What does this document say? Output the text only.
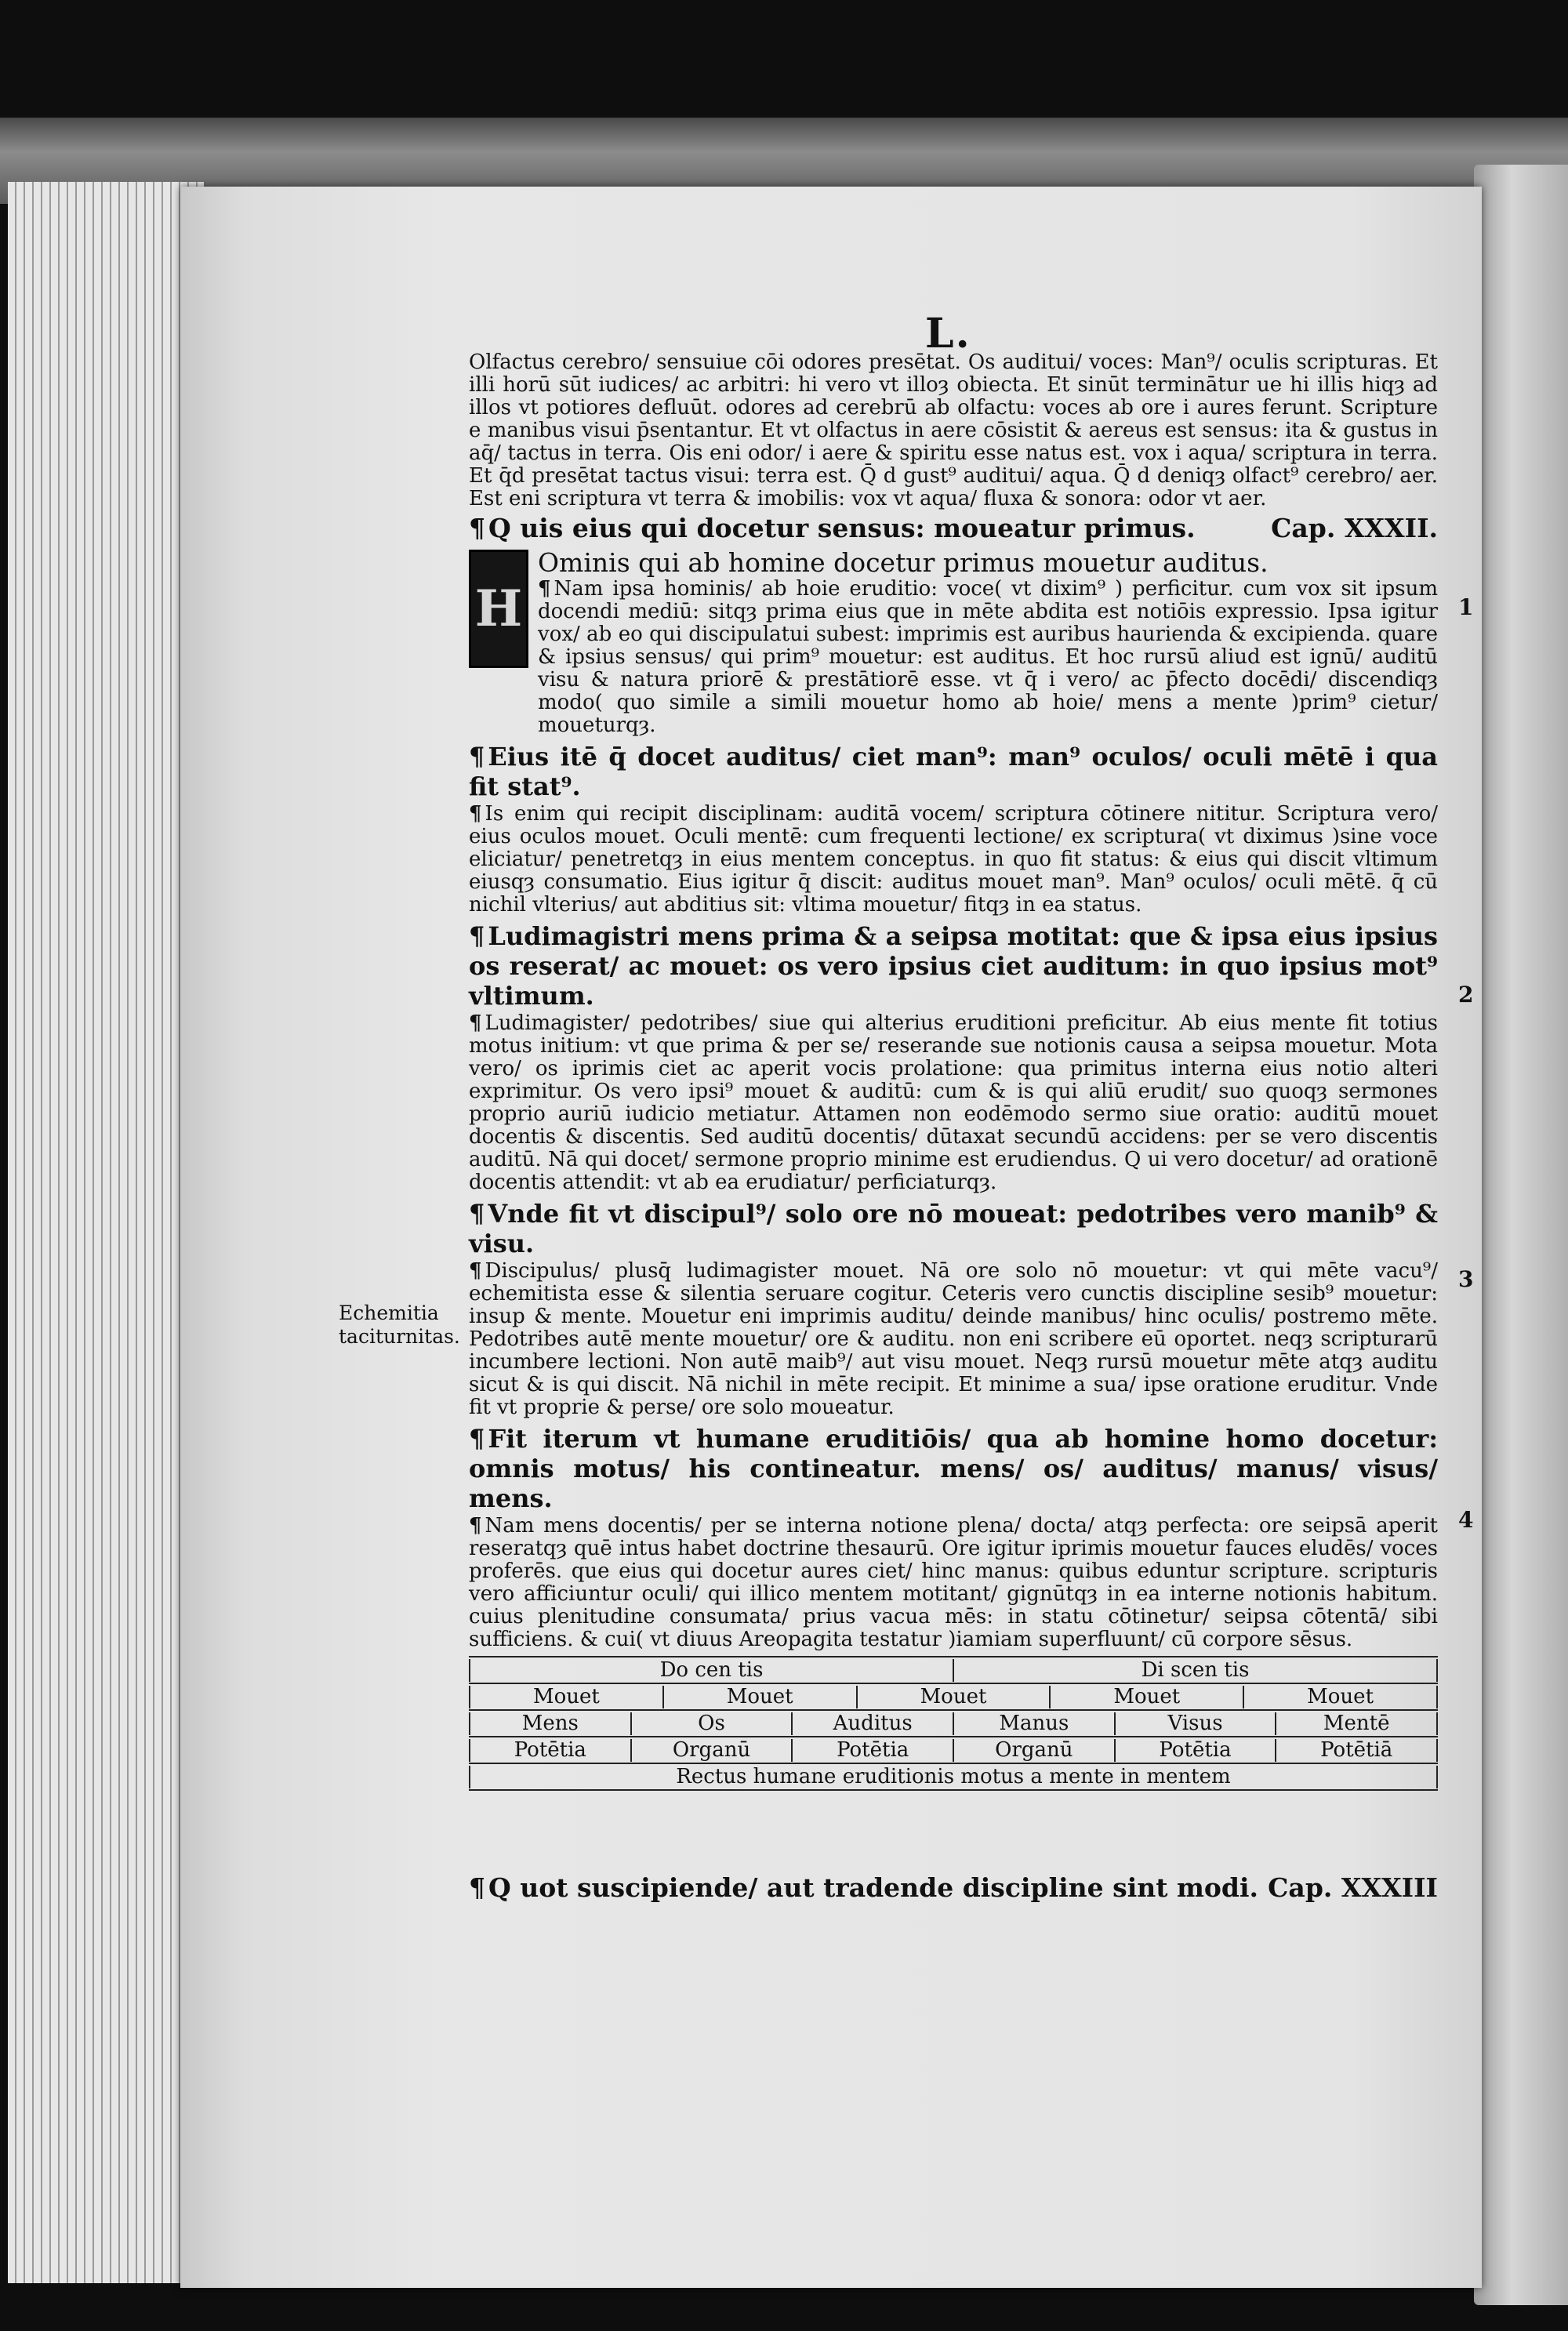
L.

Olfactus cerebro/ sensuiue cōi odores presētat. Os auditui/ voces: Man⁹/ oculis scripturas. Et illi horū sūt iudices/ ac arbitri: hi vero vt illoȝ obiecta. Et sinūt terminātur ue hi illis hiqȝ ad illos vt potiores defluūt. odores ad cerebrū ab olfactu: voces ab ore i aures ferunt. Scripture e manibus visui p̄sentantur. Et vt olfactus in aere cōsistit & aereus est sensus: ita & gustus in aq̄/ tactus in terra. Ois eni odor/ i aere & spiritu esse natus est. vox i aqua/ scriptura in terra. Et q̄d presētat tactus visui: terra est. Q̄ d gust⁹ auditui/ aqua. Q̄ d deniqȝ olfact⁹ cerebro/ aer. Est eni scriptura vt terra & imobilis: vox vt aqua/ fluxa & sonora: odor vt aer.

¶ Q uis eius qui docetur sensus: moueatur primus.	Cap. XXXII.
H

Ominis qui ab homine docetur primus mouetur auditus.

¶ Nam ipsa hominis/ ab hoie eruditio: voce( vt dixim⁹ ) perficitur. cum vox sit ipsum docendi mediū: sitqȝ prima eius que in mēte abdita est notiōis expressio. Ipsa igitur vox/ ab eo qui discipulatui subest: imprimis est auribus haurienda & excipienda. quare & ipsius sensus/ qui prim⁹ mouetur: est auditus. Et hoc rursū aliud est ignū/ auditū visu & natura priorē & prestātiorē esse. vt q̄ i vero/ ac p̄fecto docēdi/ discendiqȝ modo( quo simile a simili mouetur homo ab hoie/ mens a mente )prim⁹ cietur/ moueturqȝ.

¶ Eius itē q̄ docet auditus/ ciet man⁹: man⁹ oculos/ oculi mētē i qua fit stat⁹.

¶ Is enim qui recipit disciplinam: auditā vocem/ scriptura cōtinere nititur. Scriptura vero/ eius oculos mouet. Oculi mentē: cum frequenti lectione/ ex scriptura( vt diximus )sine voce eliciatur/ penetretqȝ in eius mentem conceptus. in quo fit status: & eius qui discit vltimum eiusqȝ consumatio. Eius igitur q̄ discit: auditus mouet man⁹. Man⁹ oculos/ oculi mētē. q̄ cū nichil vlterius/ aut abditius sit: vltima mouetur/ fitqȝ in ea status.

¶ Ludimagistri mens prima & a seipsa motitat: que & ipsa eius ipsius os reserat/ ac mouet: os vero ipsius ciet auditum: in quo ipsius mot⁹ vltimum.

¶ Ludimagister/ pedotribes/ siue qui alterius eruditioni preficitur. Ab eius mente fit totius motus initium: vt que prima & per se/ reserande sue notionis causa a seipsa mouetur. Mota vero/ os iprimis ciet ac aperit vocis prolatione: qua primitus interna eius notio alteri exprimitur. Os vero ipsi⁹ mouet & auditū: cum & is qui aliū erudit/ suo quoqȝ sermones proprio auriū iudicio metiatur. Attamen non eodēmodo sermo siue oratio: auditū mouet docentis & discentis. Sed auditū docentis/ dūtaxat secundū accidens: per se vero discentis auditū. Nā qui docet/ sermone proprio minime est erudiendus. Q ui vero docetur/ ad orationē docentis attendit: vt ab ea erudiatur/ perficiaturqȝ.

¶ Vnde fit vt discipul⁹/ solo ore nō moueat: pedotribes vero manib⁹ & visu.

¶ Discipulus/ plusq̄ ludimagister mouet. Nā ore solo nō mouetur: vt qui mēte vacu⁹/ echemitista esse & silentia seruare cogitur. Ceteris vero cunctis discipline sesib⁹ mouetur: insup & mente. Mouetur eni imprimis auditu/ deinde manibus/ hinc oculis/ postremo mēte. Pedotribes autē mente mouetur/ ore & auditu. non eni scribere eū oportet. neqȝ scripturarū incumbere lectioni. Non autē maib⁹/ aut visu mouet. Neqȝ rursū mouetur mēte atqȝ auditu sicut & is qui discit. Nā nichil in mēte recipit. Et minime a sua/ ipse oratione eruditur. Vnde fit vt proprie & perse/ ore solo moueatur.

¶ Fit iterum vt humane eruditiōis/ qua ab homine homo docetur: omnis motus/ his contineatur. mens/ os/ auditus/ manus/ visus/ mens.

¶ Nam mens docentis/ per se interna notione plena/ docta/ atqȝ perfecta: ore seipsā aperit reseratqȝ quē intus habet doctrine thesaurū. Ore igitur iprimis mouetur fauces eludēs/ voces proferēs. que eius qui docetur aures ciet/ hinc manus: quibus eduntur scripture. scripturis vero afficiuntur oculi/ qui illico mentem motitant/ gignūtqȝ in ea interne notionis habitum. cuius plenitudine consumata/ prius vacua mēs: in statu cōtinetur/ seipsa cōtentā/ sibi sufficiens. & cui( vt diuus Areopagita testatur )iamiam superfluunt/ cū corpore sēsus.

Do cen tis	Di scen tis
Mouet	Mouet	Mouet	Mouet	Mouet
Mens	Os	Auditus	Manus	Visus	Mentē
Potētia	Organū	Potētia	Organū	Potētia	Potētiā
Rectus humane eruditionis motus a mente in mentem
¶ Q uot suscipiende/ aut tradende discipline sint modi. Cap. XXXIII
Echemitia taciturnitas.
1
2
3
4
